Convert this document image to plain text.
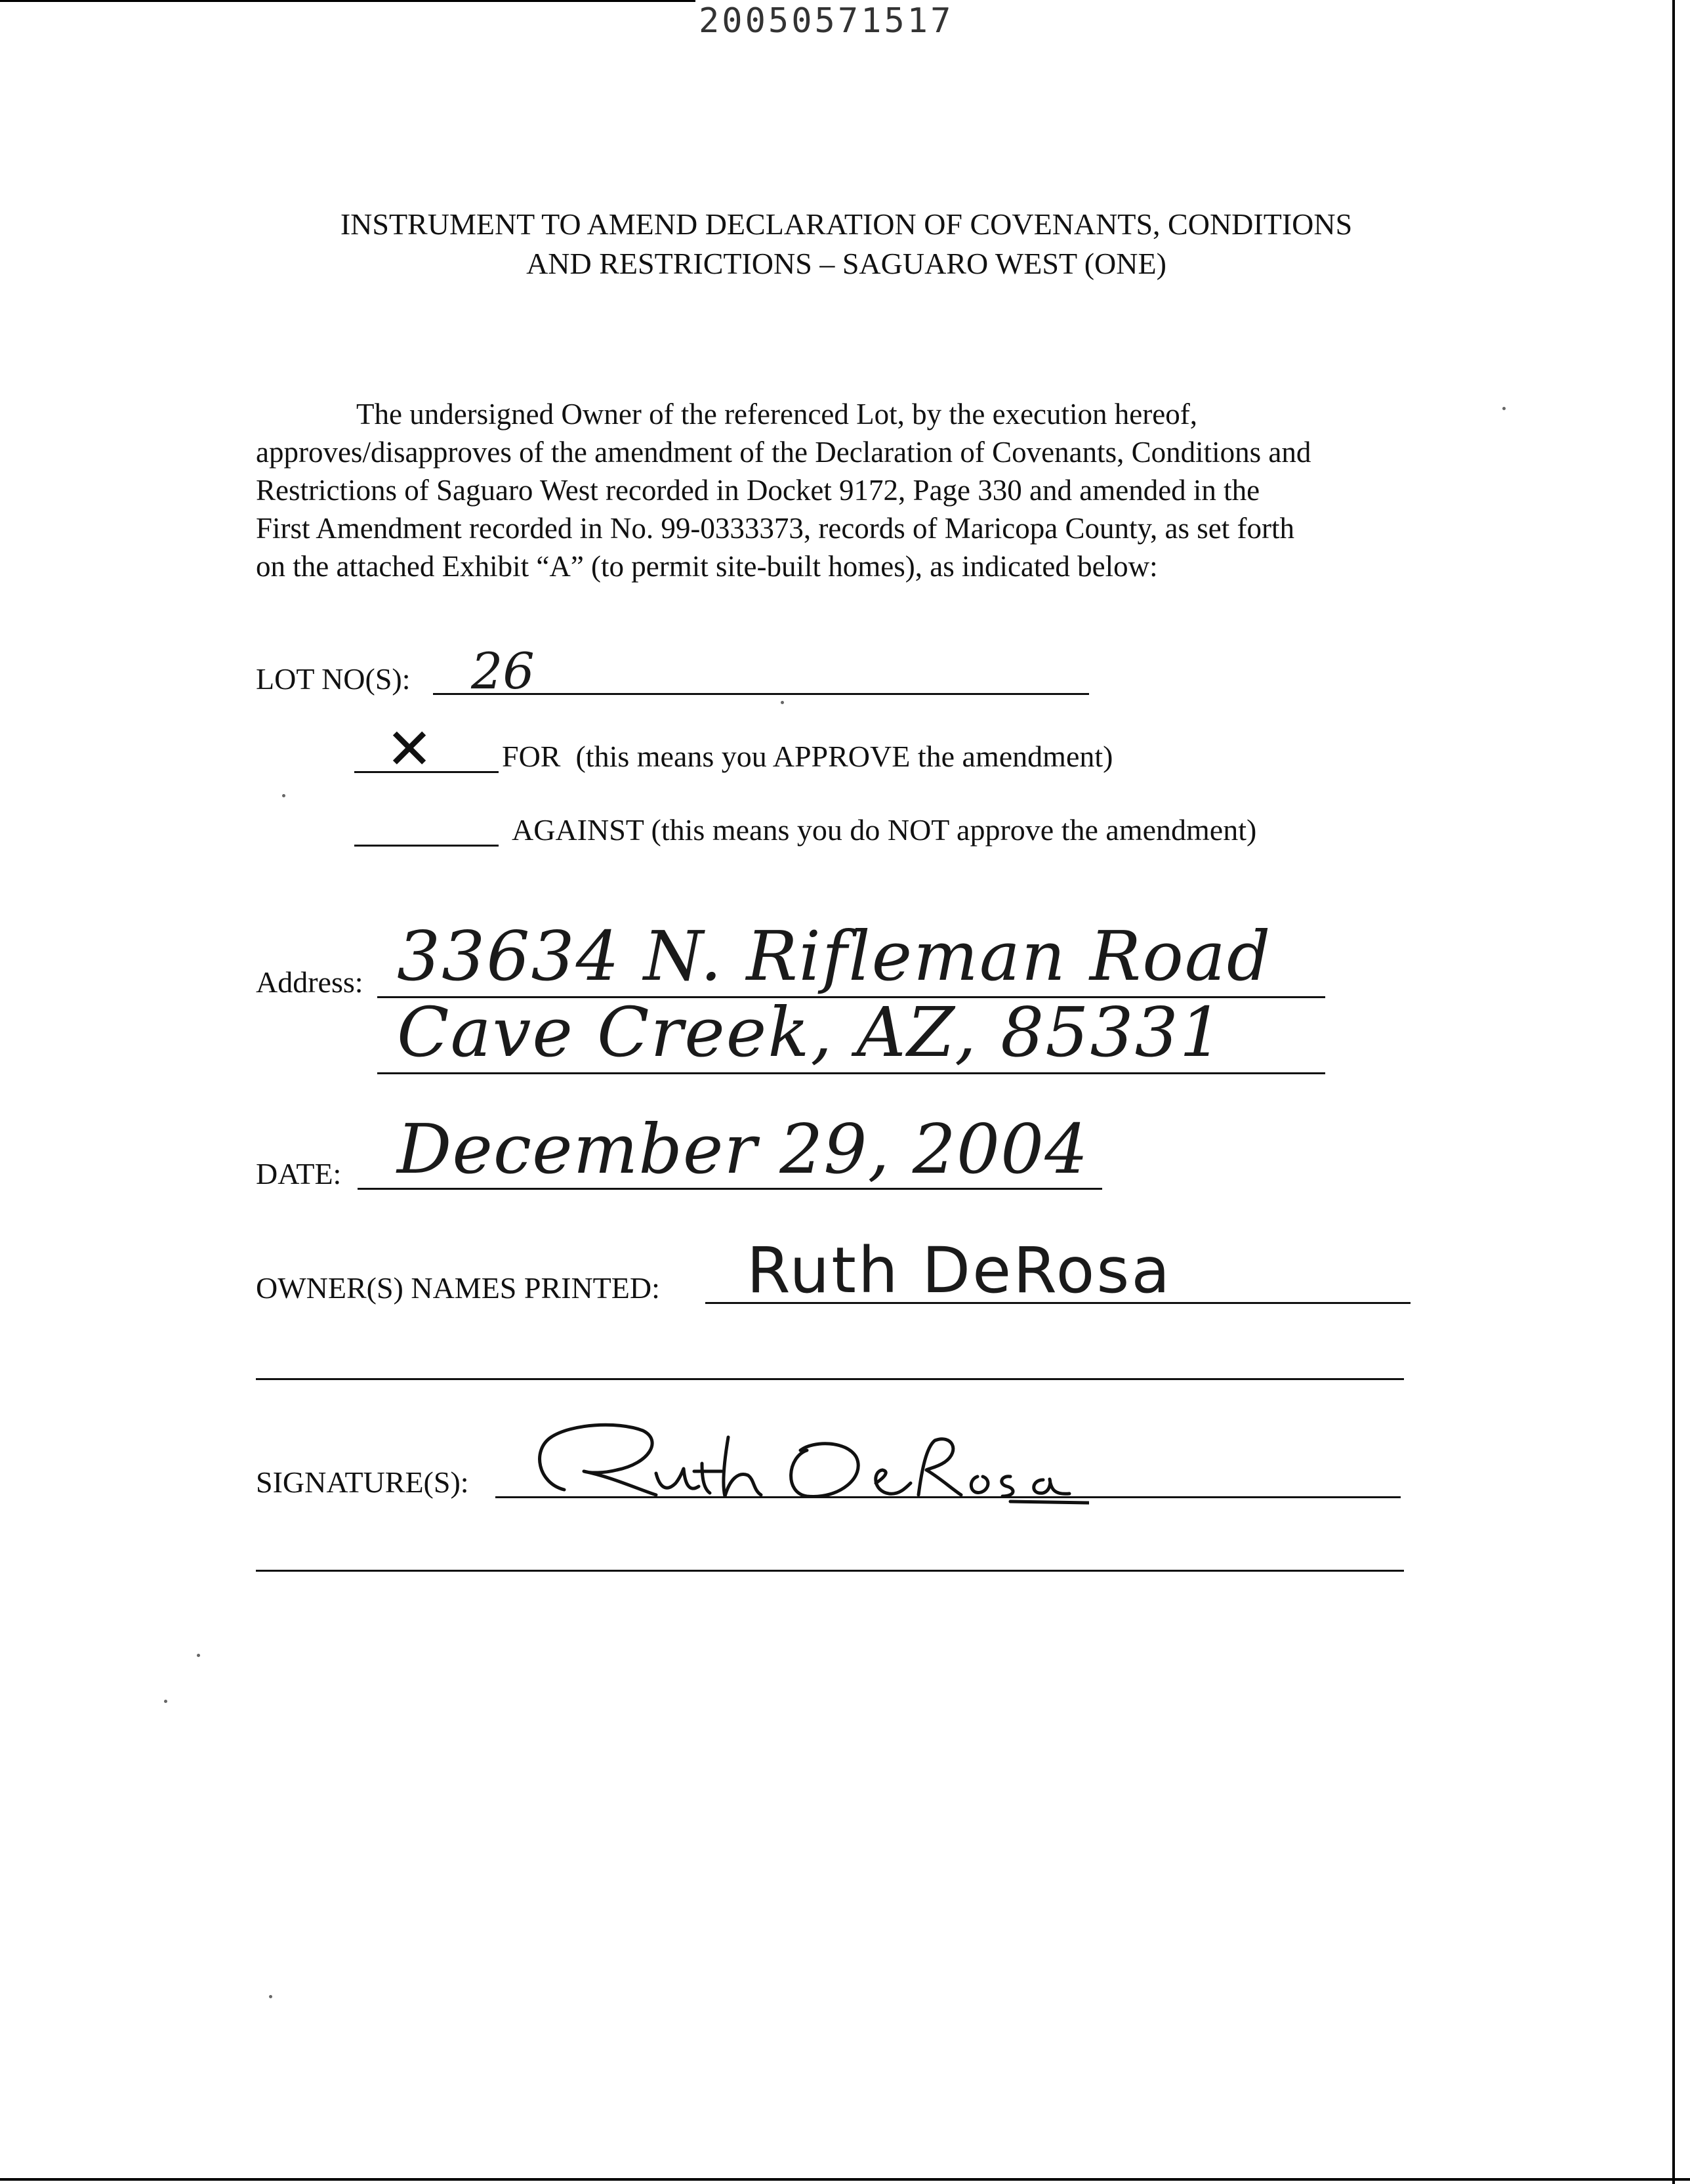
20050571517
INSTRUMENT TO AMEND DECLARATION OF COVENANTS, CONDITIONS
AND RESTRICTIONS – SAGUARO WEST (ONE)
The undersigned Owner of the referenced Lot, by the execution hereof,
approves/disapproves of the amendment of the Declaration of Covenants, Conditions and
Restrictions of Saguaro West recorded in Docket 9172, Page 330 and amended in the
First Amendment recorded in No. 99-0333373, records of Maricopa County, as set forth
on the attached Exhibit “A” (to permit site-built homes), as indicated below:
LOT NO(S): 26
✕ FOR  (this means you APPROVE the amendment)
AGAINST (this means you do NOT approve the amendment)
Address: 33634 N. Rifleman Road
Cave Creek, AZ, 85331
DATE: December 29, 2004
OWNER(S) NAMES PRINTED: Ruth DeRosa
SIGNATURE(S):
